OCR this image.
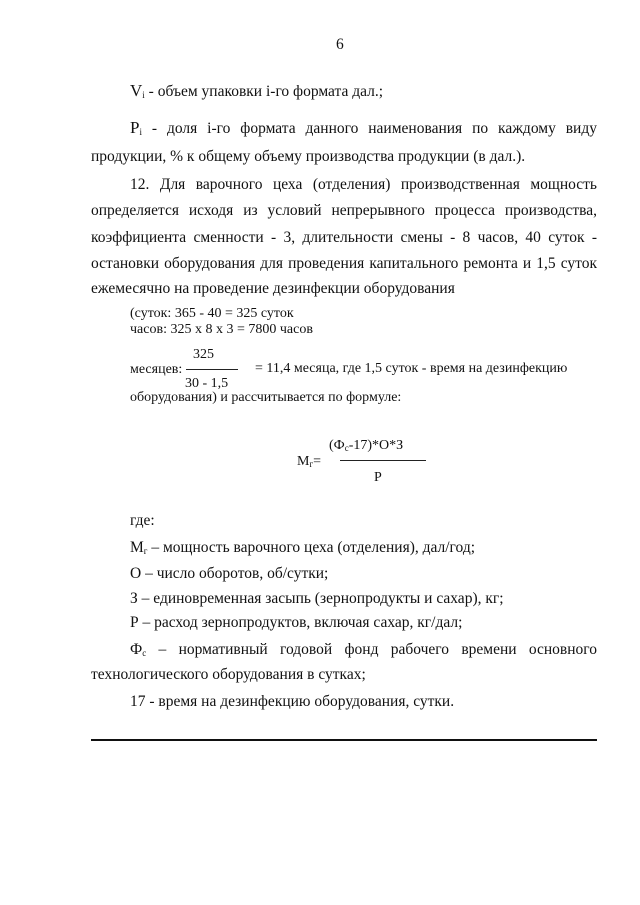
6
$V_i$ - объем упаковки i-го формата дал.;
$P_i$ - доля i-го формата данного наименования по каждому виду
продукции, % к общему объему производства продукции (в дал.).
12. Для варочного цеха (отделения) производственная мощность
определяется исходя из условий непрерывного процесса производства,
коэффициента сменности - 3, длительности смены - 8 часов, 40 суток -
остановки оборудования для проведения капитального ремонта и 1,5 суток
ежемесячно на проведение дезинфекции оборудования
(суток: 365 - 40 = 325 суток
часов: 325 x 8 x 3 = 7800 часов
325
месяцев:
30 - 1,5
= 11,4 месяца, где 1,5 суток - время на дезинфекцию
оборудования) и рассчитывается по формуле:
$(Ф_с-17)*О*З$
$М_г=$
Р
где:
$М_г$ – мощность варочного цеха (отделения), дал/год;
О – число оборотов, об/сутки;
З – единовременная засыпь (зернопродукты и сахар), кг;
Р – расход зернопродуктов, включая сахар, кг/дал;
$Ф_с$ – нормативный годовой фонд рабочего времени основного
технологического оборудования в сутках;
17 - время на дезинфекцию оборудования, сутки.
